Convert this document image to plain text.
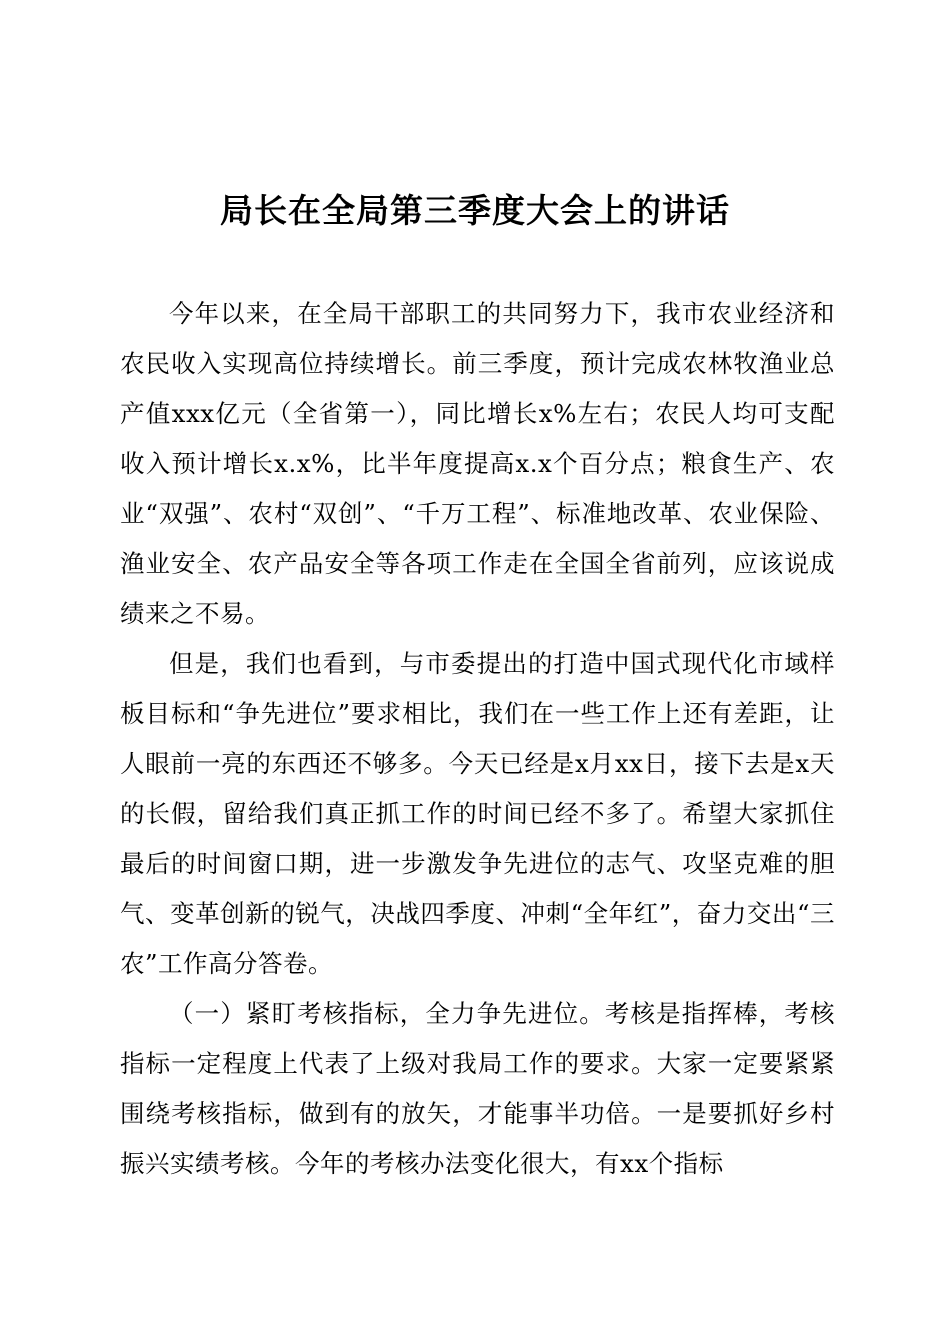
局长在全局第三季度大会上的讲话

今年以来，在全局干部职工的共同努力下，我市农业经济和农民收入实现高位持续增长。前三季度，预计完成农林牧渔业总产值xxx亿元（全省第一），同比增长x%左右；农民人均可支配收入预计增长x.x%，比半年度提高x.x个百分点；粮食生产、农业“双强”、农村“双创”、“千万工程”、标准地改革、农业保险、渔业安全、农产品安全等各项工作走在全国全省前列，应该说成绩来之不易。

但是，我们也看到，与市委提出的打造中国式现代化市域样板目标和“争先进位”要求相比，我们在一些工作上还有差距，让人眼前一亮的东西还不够多。今天已经是x月xx日，接下去是x天的长假，留给我们真正抓工作的时间已经不多了。希望大家抓住最后的时间窗口期，进一步激发争先进位的志气、攻坚克难的胆气、变革创新的锐气，决战四季度、冲刺“全年红”，奋力交出“三农”工作高分答卷。

（一）紧盯考核指标，全力争先进位。考核是指挥棒，考核指标一定程度上代表了上级对我局工作的要求。大家一定要紧紧围绕考核指标，做到有的放矢，才能事半功倍。一是要抓好乡村振兴实绩考核。今年的考核办法变化很大，有xx个指标
